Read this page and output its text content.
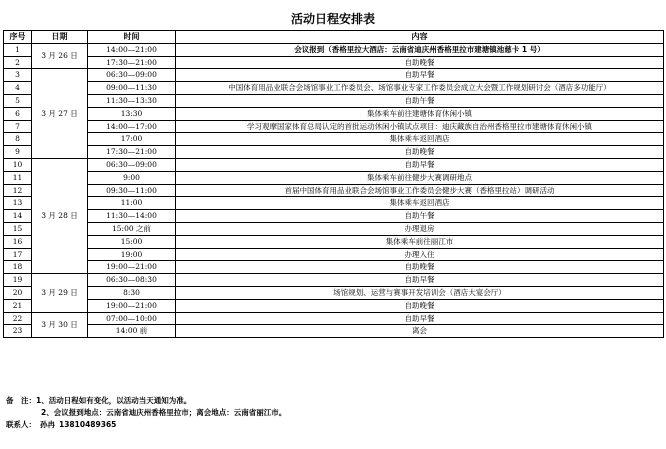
活动日程安排表
序号	日期	时间	内容
1	3 月 26 日	14:00—21:00	会议报到（香格里拉大酒店：云南省迪庆州香格里拉市建塘镇池慈卡 1 号）
2		17:30—21:00	自助晚餐
3	3 月 27 日	06:30—09:00	自助早餐
4		09:00—11:30	中国体育用品业联合会场馆事业工作委员会、场馆事业专家工作委员会成立大会暨工作规划研讨会（酒店多功能厅）
5		11:30—13:30	自助午餐
6		13:30	集体乘车前往建塘体育休闲小镇
7		14:00—17:00	学习观摩国家体育总局认定的首批运动休闲小镇试点项目：迪庆藏族自治州香格里拉市建塘体育休闲小镇
8		17:00	集体乘车返回酒店
9		17:30—21:00	自助晚餐
10	3 月 28 日	06:30—09:00	自助早餐
11		9:00	集体乘车前往健步大赛调研地点
12		09:30—11:00	首届中国体育用品业联合会场馆事业工作委员会健步大赛（香格里拉站）调研活动
13		11:00	集体乘车返回酒店
14		11:30—14:00	自助午餐
15		15:00 之前	办理退房
16		15:00	集体乘车前往丽江市
17		19:00	办理入住
18		19:00—21:00	自助晚餐
19	3 月 29 日	06:30—08:30	自助早餐
20		8:30	场馆规划、运营与赛事开发培训会（酒店大宴会厅）
21		19:00—21:00	自助晚餐
22	3 月 30 日	07:00—10:00	自助早餐
23		14:00 前	离会
备　注：1、活动日程如有变化，以活动当天通知为准。
2、会议报到地点：云南省迪庆州香格里拉市；离会地点：云南省丽江市。
联系人： 孙冉 13810489365
